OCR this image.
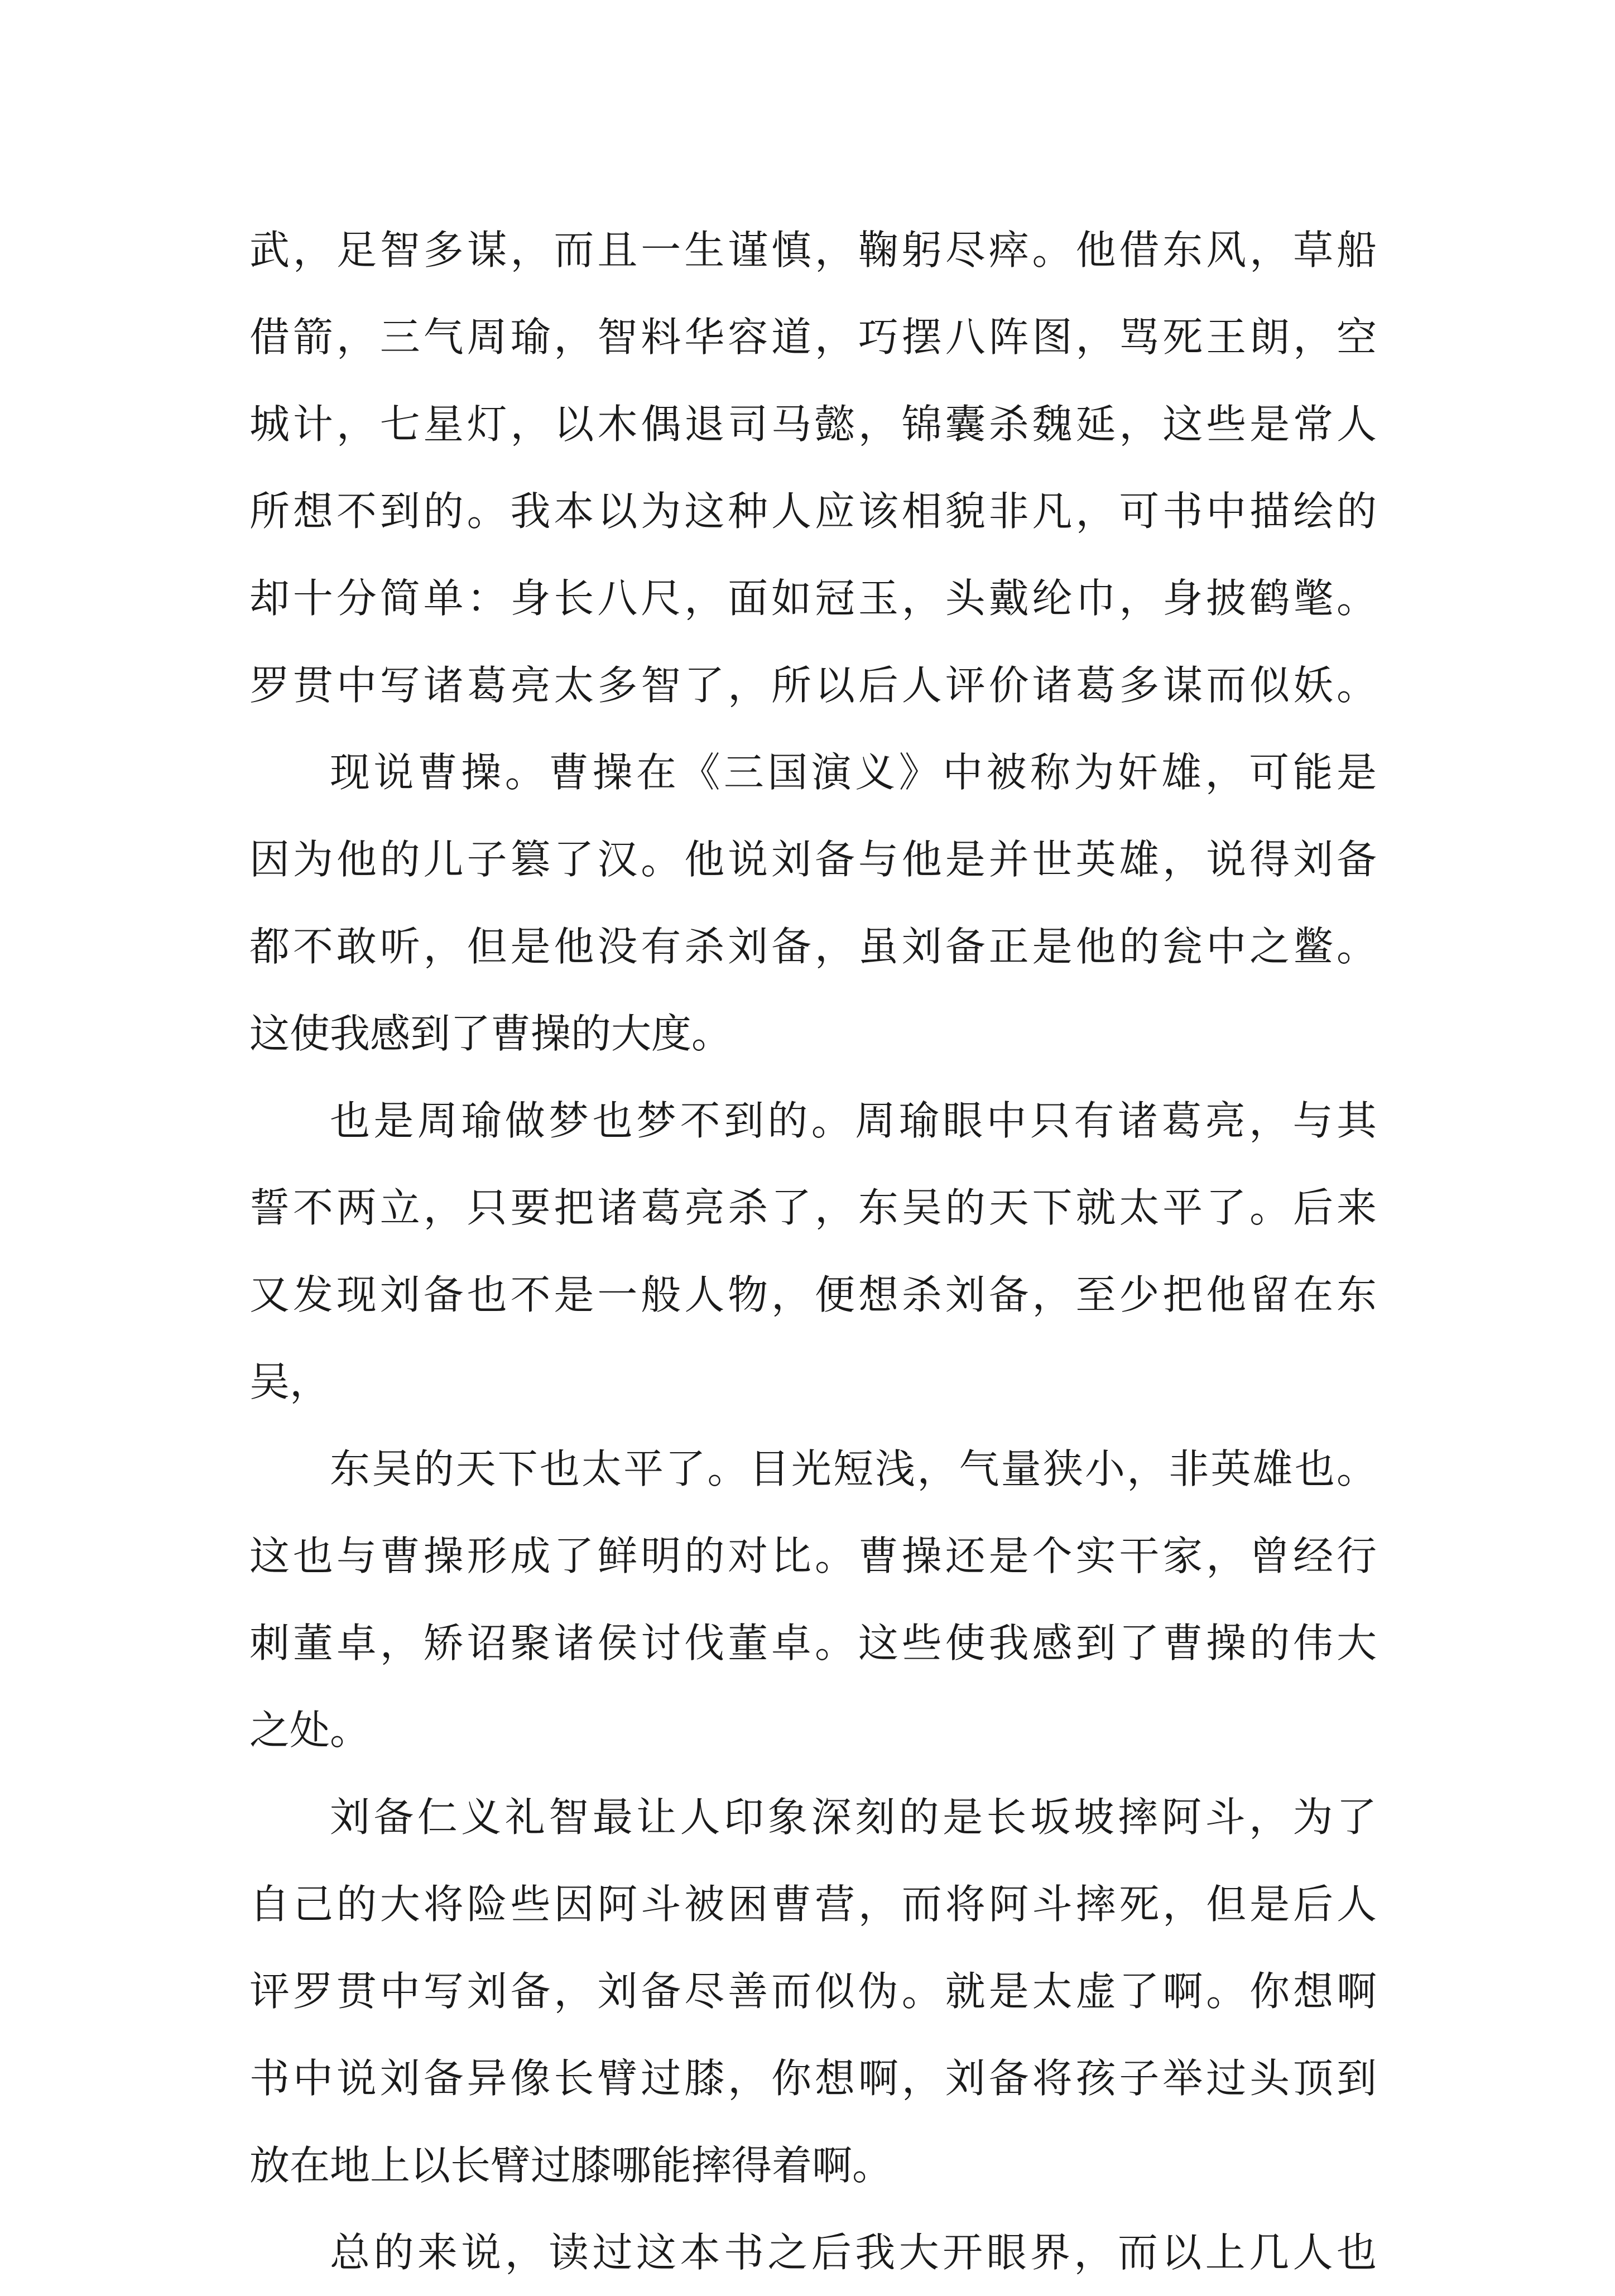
武，足智多谋，而且一生谨慎，鞠躬尽瘁。他借东风，草船
借箭，三气周瑜，智料华容道，巧摆八阵图，骂死王朗，空
城计，七星灯，以木偶退司马懿，锦囊杀魏延，这些是常人
所想不到的。我本以为这种人应该相貌非凡，可书中描绘的
却十分简单：身长八尺，面如冠玉，头戴纶巾，身披鹤氅。
罗贯中写诸葛亮太多智了，所以后人评价诸葛多谋而似妖。
现说曹操。曹操在《三国演义》中被称为奸雄，可能是
因为他的儿子篡了汉。他说刘备与他是并世英雄，说得刘备
都不敢听，但是他没有杀刘备，虽刘备正是他的瓮中之鳖。
这使我感到了曹操的大度。
也是周瑜做梦也梦不到的。周瑜眼中只有诸葛亮，与其
誓不两立，只要把诸葛亮杀了，东吴的天下就太平了。后来
又发现刘备也不是一般人物，便想杀刘备，至少把他留在东
吴，
东吴的天下也太平了。目光短浅，气量狭小，非英雄也。
这也与曹操形成了鲜明的对比。曹操还是个实干家，曾经行
刺董卓，矫诏聚诸侯讨伐董卓。这些使我感到了曹操的伟大
之处。
刘备仁义礼智最让人印象深刻的是长坂坡摔阿斗，为了
自己的大将险些因阿斗被困曹营，而将阿斗摔死，但是后人
评罗贯中写刘备，刘备尽善而似伪。就是太虚了啊。你想啊
书中说刘备异像长臂过膝，你想啊，刘备将孩子举过头顶到
放在地上以长臂过膝哪能摔得着啊。
总的来说，读过这本书之后我大开眼界，而以上几人也
